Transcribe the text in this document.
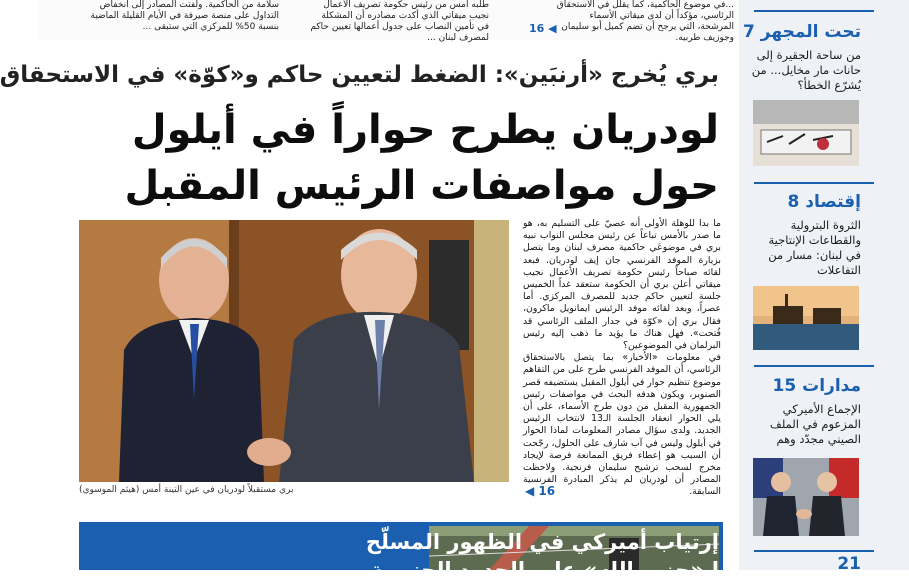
...في موضوع الحاكمية، كما يقلل في الاستحقاق الرئاسي، مؤكداً أن لدى ميقاتي الأسماء المرشحة، التي يرجح أن تضم كميل أبو سليمان وجوزيف طربيه.

16 ◀

طلبه أمس من رئيس حكومة تصريف الأعمال نجيب ميقاتي الذي أكدت مصادره أن المشكلة في تأمين النصاب على جدول أعمالها تعيين حاكم لمصرف لبنان ...

سلامة من الحاكمية. ولفتت المصادر إلى انخفاض التداول على منصة صيرفة في الأيام القليلة الماضية بنسبة 50% للمركزي التي ستبقى ...

بري يُخرج «أرنبَين»: الضغط لتعيين حاكم و«كوّة» في الاستحقاق
لودريان يطرح حواراً في أيلول
حول مواصفات الرئيس المقبل
بري مستقبلاً لودريان في عين التينة أمس (هيثم الموسوي)

ما بدا للوهلة الأولى أنه عصيّ على التسليم به، هو ما صدر بالأمس تباعاً عن رئيس مجلس النواب نبيه بري في موضوعَي حاكمية مصرف لبنان وما يتصل بزيارة الموفد الفرنسي جان إيف لودريان. فبعد لقائه صباحاً رئيس حكومة تصريف الأعمال نجيب ميقاتي أعلن بري أن الحكومة ستعقد غداً الخميس جلسة لتعيين حاكم جديد للمصرف المركزي. أما عصراً، وبعد لقائه موفد الرئيس ايمانويل ماكرون، فقال بري إن «كوّة في جدار الملف الرئاسي قد فُتحت». فهل هناك ما يؤيد ما ذهب إليه رئيس البرلمان في الموضوعين؟

في معلومات «الأخبار» بما يتصل بالاستحقاق الرئاسي، أن الموفد الفرنسي طرح على من التقاهم موضوع تنظيم حوار في أيلول المقبل يستضيفه قصر الصنوبر، ويكون هدفه البحث في مواصفات رئيس الجمهورية المقبل من دون طرح الأسماء، على أن يلي الحوار انعقاد الجلسة الـ13 لانتخاب الرئيس الجديد. ولدى سؤال مصادر المعلومات لماذا الحوار في أيلول وليس في آب شارف على الحلول، رجّحت أن السبب هو إعطاء فريق الممانعة فرصة لإيجاد مخرج لسحب ترشيح سليمان فرنجية. ولاحظت المصادر أن لودريان لم يذكر المبادرة الفرنسية السابقة.

◀ 16
إرتياب أميركي في الظهور المسلّح
لـ«حزب الله» على الحدود الجنوبية
تحت المجهر 7
من ساحة الجقيرة إلى حانات مار مخايل... من يُشرّع الخطأ؟
إقتصاد 8
الثروة البترولية والقطاعات الإنتاجية في لبنان: مسار من التفاعلات
مدارات 15
الإجماع الأميركي المزعوم في الملف الصيني مجدّد وهم
21
